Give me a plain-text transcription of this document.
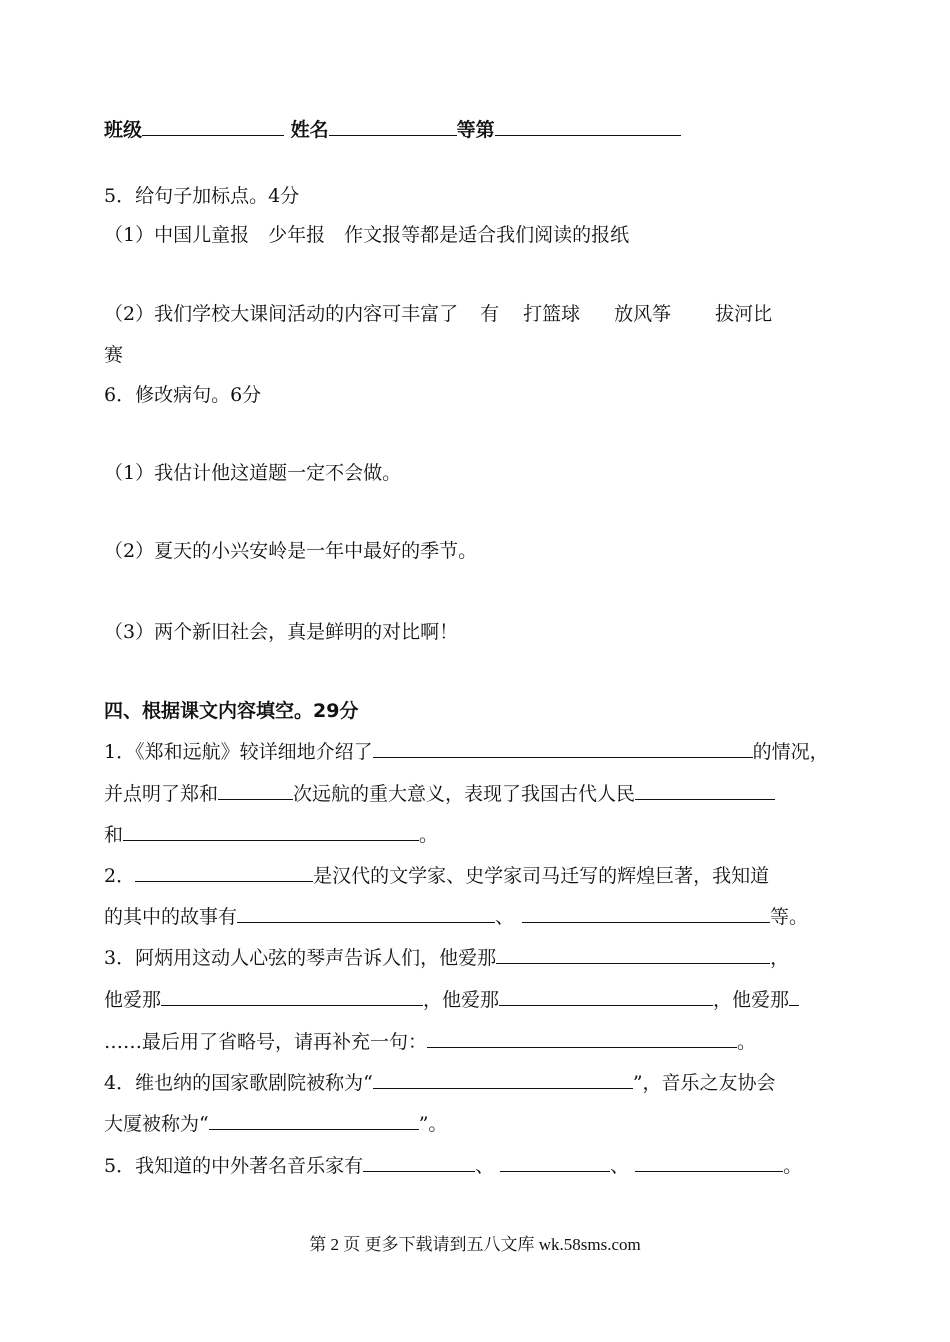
班级	姓名	等第
5．给句子加标点。4分
（1）中国儿童报　少年报　作文报等都是适合我们阅读的报纸
（2）我们学校大课间活动的内容可丰富了 有 打篮球 放风筝 拔河比
赛
6．修改病句。6分
（1）我估计他这道题一定不会做。
（2）夏天的小兴安岭是一年中最好的季节。
（3）两个新旧社会，真是鲜明的对比啊！
四、根据课文内容填空。29分
1．《郑和远航》较详细地介绍了	的情况，
并点明了郑和	次远航的重大意义，表现了我国古代人民
和	。
2．	是汉代的文学家、史学家司马迁写的辉煌巨著，我知道
的其中的故事有	、	等。
3．阿炳用这动人心弦的琴声告诉人们，他爱那	，
他爱那	，他爱那	，他爱那
……最后用了省略号，请再补充一句：	。
4．维也纳的国家歌剧院被称为“	”，音乐之友协会
大厦被称为“	”。
5．我知道的中外著名音乐家有	、	、	。
第 2 页 更多下载请到五八文库 wk.58sms.com
